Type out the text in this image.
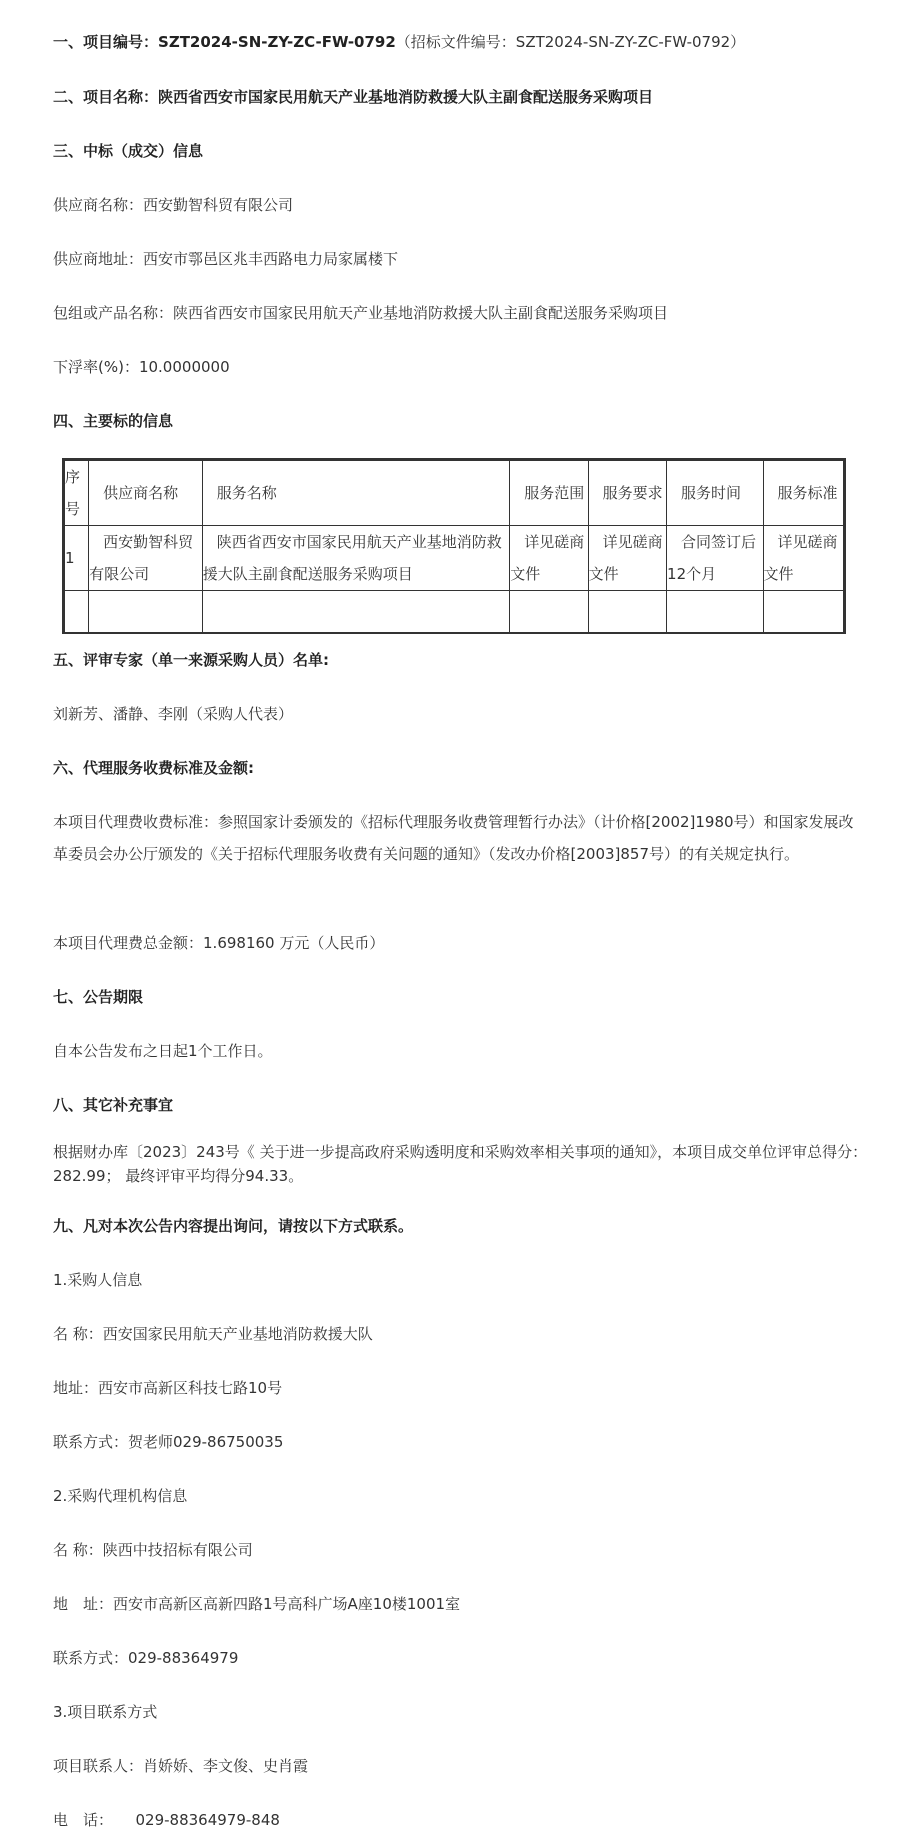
一、项目编号：SZT2024-SN-ZY-ZC-FW-0792（招标文件编号：SZT2024-SN-ZY-ZC-FW-0792）
二、项目名称：陕西省西安市国家民用航天产业基地消防救援大队主副食配送服务采购项目
三、中标（成交）信息
供应商名称：西安勤智科贸有限公司
供应商地址：西安市鄠邑区兆丰西路电力局家属楼下
包组或产品名称：陕西省西安市国家民用航天产业基地消防救援大队主副食配送服务采购项目
下浮率(%)：10.0000000
四、主要标的信息
序号	供应商名称	服务名称	服务范围	服务要求	服务时间	服务标准
1	西安勤智科贸有限公司	陕西省西安市国家民用航天产业基地消防救援大队主副食配送服务采购项目	详见磋商文件	详见磋商文件	合同签订后12个月	详见磋商文件

五、评审专家（单一来源采购人员）名单:
刘新芳、潘静、李刚（采购人代表）
六、代理服务收费标准及金额:
本项目代理费收费标准：参照国家计委颁发的《招标代理服务收费管理暂行办法》（计价格[2002]1980号）和国家发展改革委员会办公厅颁发的《关于招标代理服务收费有关问题的通知》（发改办价格[2003]857号）的有关规定执行。
本项目代理费总金额：1.698160 万元（人民币）
七、公告期限
自本公告发布之日起1个工作日。
八、其它补充事宜
根据财办库〔2023〕243号《 关于进一步提高政府采购透明度和采购效率相关事项的通知》，本项目成交单位评审总得分：282.99； 最终评审平均得分94.33。
九、凡对本次公告内容提出询问，请按以下方式联系。
1.采购人信息
名 称：西安国家民用航天产业基地消防救援大队
地址：西安市高新区科技七路10号
联系方式：贺老师029-86750035
2.采购代理机构信息
名 称：陕西中技招标有限公司
地　址：西安市高新区高新四路1号高科广场A座10楼1001室
联系方式：029-88364979
3.项目联系方式
项目联系人：肖娇娇、李文俊、史肖霞
电　话：　　029-88364979-848
